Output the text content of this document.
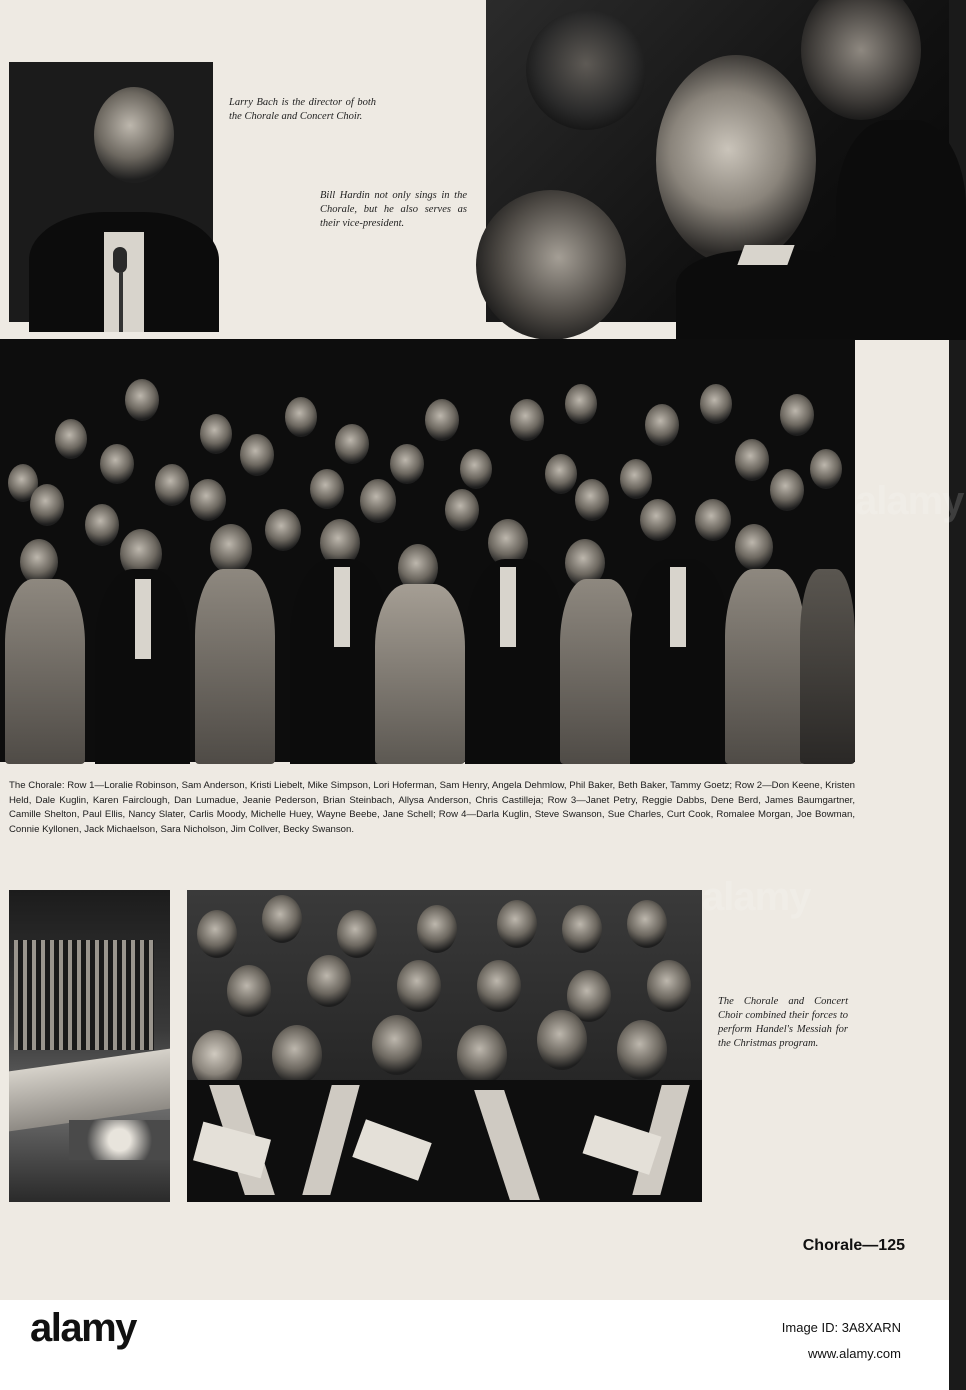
Larry Bach is the director of both the Chorale and Concert Choir.
Bill Hardin not only sings in the Chorale, but he also serves as their vice-president.
alamy
The Chorale: Row 1—Loralie Robinson, Sam Anderson, Kristi Liebelt, Mike Simpson, Lori Hoferman, Sam Henry, Angela Dehmlow, Phil Baker, Beth Baker, Tammy Goetz; Row 2—Don Keene, Kristen Held, Dale Kuglin, Karen Fairclough, Dan Lumadue, Jeanie Pederson, Brian Steinbach, Allysa Anderson, Chris Castilleja; Row 3—Janet Petry, Reggie Dabbs, Dene Berd, James Baumgartner, Camille Shelton, Paul Ellis, Nancy Slater, Carlis Moody, Michelle Huey, Wayne Beebe, Jane Schell; Row 4—Darla Kuglin, Steve Swanson, Sue Charles, Curt Cook, Romalee Morgan, Joe Bowman, Connie Kyllonen, Jack Michaelson, Sara Nicholson, Jim Collver, Becky Swanson.
alamy
The Chorale and Concert Choir combined their forces to perform Handel's Messiah for the Christmas program.
Chorale—125
alamy	Image ID: 3A8XARN
www.alamy.com
